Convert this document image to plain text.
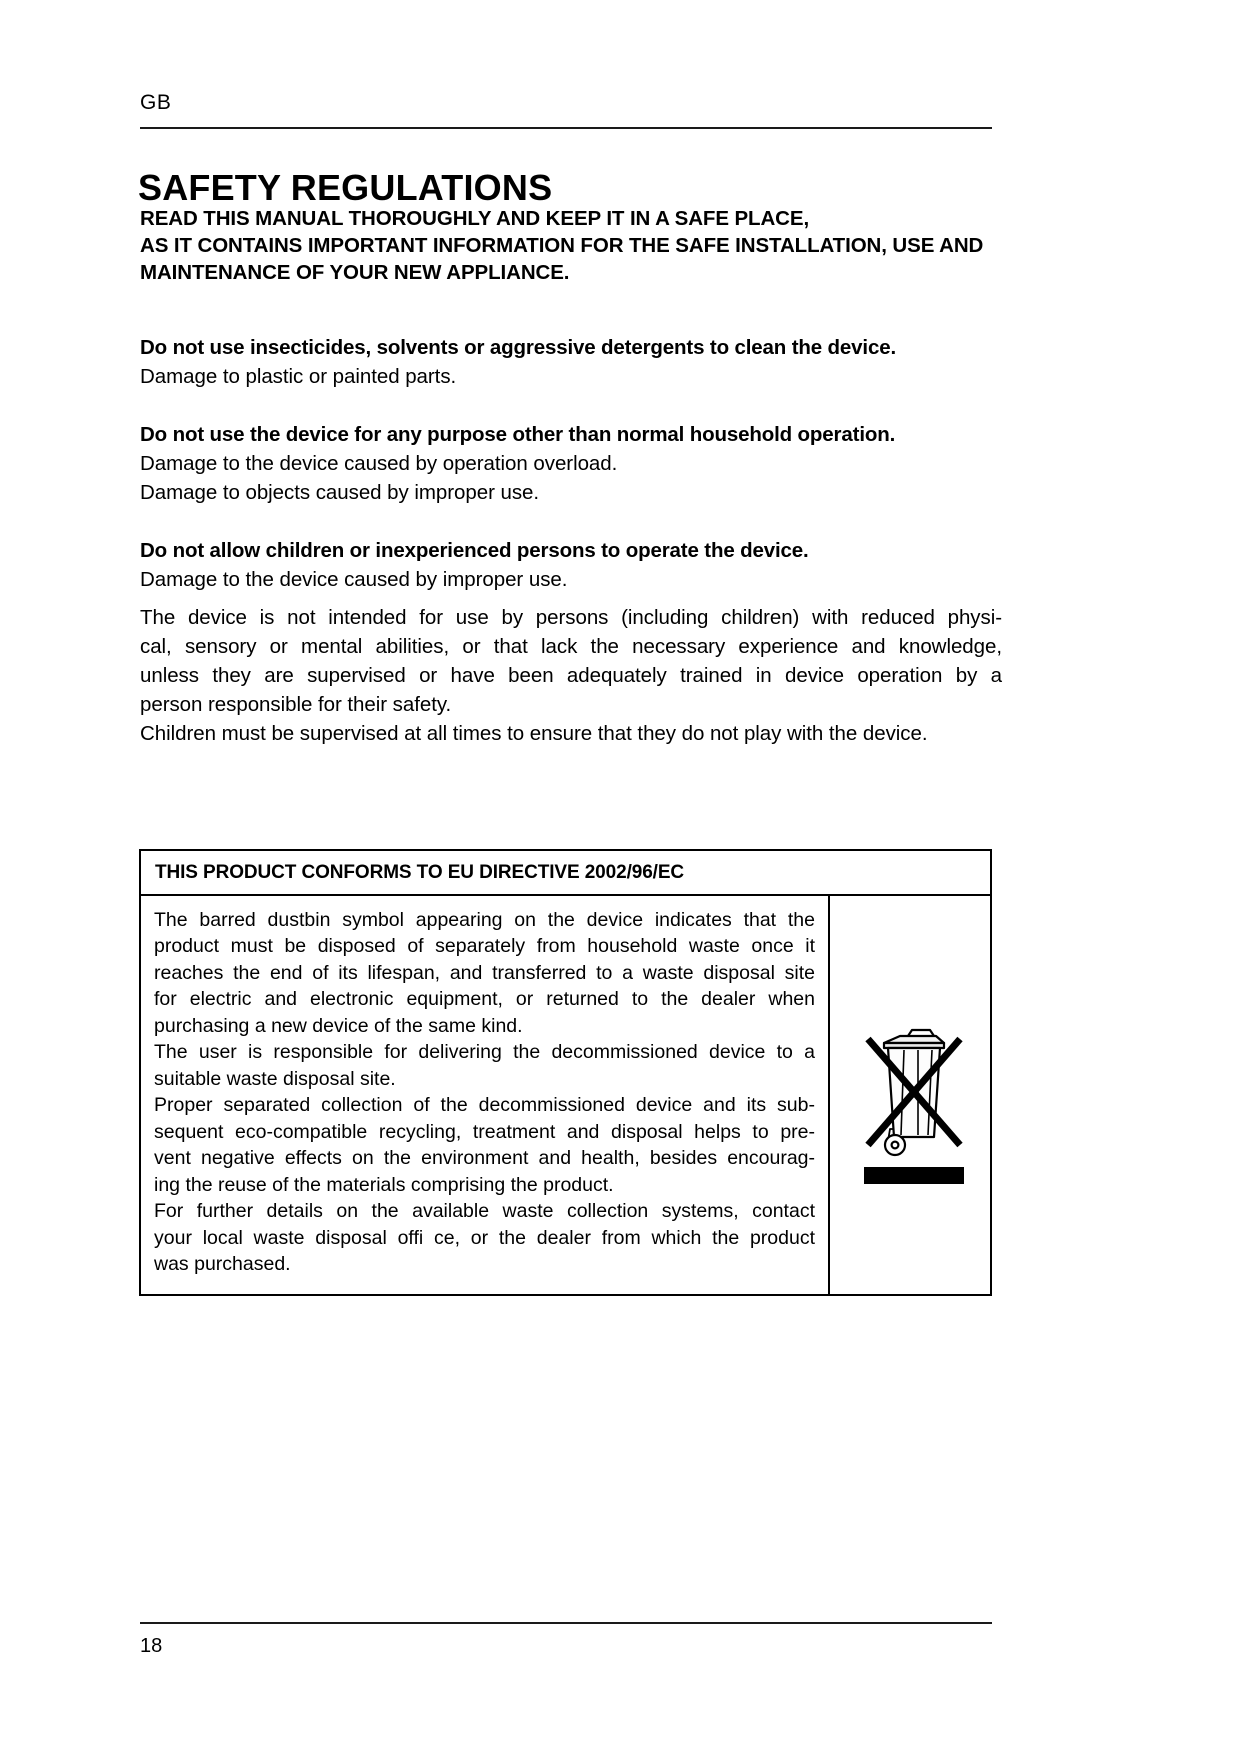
GB
SAFETY REGULATIONS
READ THIS MANUAL THOROUGHLY AND KEEP IT IN A SAFE PLACE,
AS IT CONTAINS IMPORTANT INFORMATION FOR THE SAFE INSTALLATION, USE AND
MAINTENANCE OF YOUR NEW APPLIANCE.
Do not use insecticides, solvents or aggressive detergents to clean the device.
Damage to plastic or painted parts.
Do not use the device for any purpose other than normal household operation.
Damage to the device caused by operation overload.
Damage to objects caused by improper use.
Do not allow children or inexperienced persons to operate the device.
Damage to the device caused by improper use.
The device is not intended for use by persons (including children) with reduced physi-
cal, sensory or mental abilities, or that lack the necessary experience and knowledge,
unless they are supervised or have been adequately trained in device operation by a
person responsible for their safety.
Children must be supervised at all times to ensure that they do not play with the device.
THIS PRODUCT CONFORMS TO EU DIRECTIVE 2002/96/EC
The barred dustbin symbol appearing on the device indicates that the
product must be disposed of separately from household waste once it
reaches the end of its lifespan, and transferred to a waste disposal site
for electric and electronic equipment, or returned to the dealer when
purchasing a new device of the same kind.
The user is responsible for delivering the decommissioned device to a
suitable waste disposal site.
Proper separated collection of the decommissioned device and its sub-
sequent eco-compatible recycling, treatment and disposal helps to pre-
vent negative effects on the environment and health, besides encourag-
ing the reuse of the materials comprising the product.
For further details on the available waste collection systems, contact
your local waste disposal offi ce, or the dealer from which the product
was purchased.
18
